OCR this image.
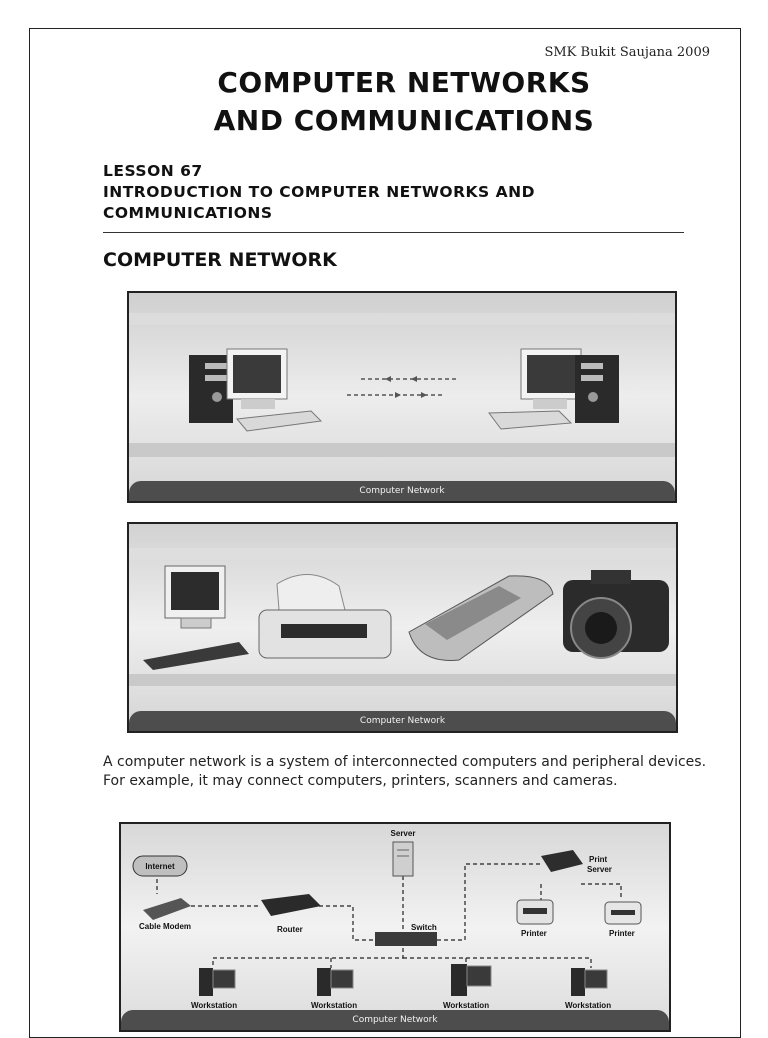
SMK Bukit Saujana 2009
COMPUTER NETWORKS
AND COMMUNICATIONS
LESSON 67
INTRODUCTION TO COMPUTER NETWORKS AND
COMMUNICATIONS
COMPUTER NETWORK
Computer Network
Computer Network
A computer network is a system of interconnected computers and peripheral devices. For example, it may connect computers, printers, scanners and cameras.
Internet
Cable Modem	Router
Server
Switch
Print
Server
Printer	Printer
Workstation	Workstation	Workstation	Workstation
Computer Network
